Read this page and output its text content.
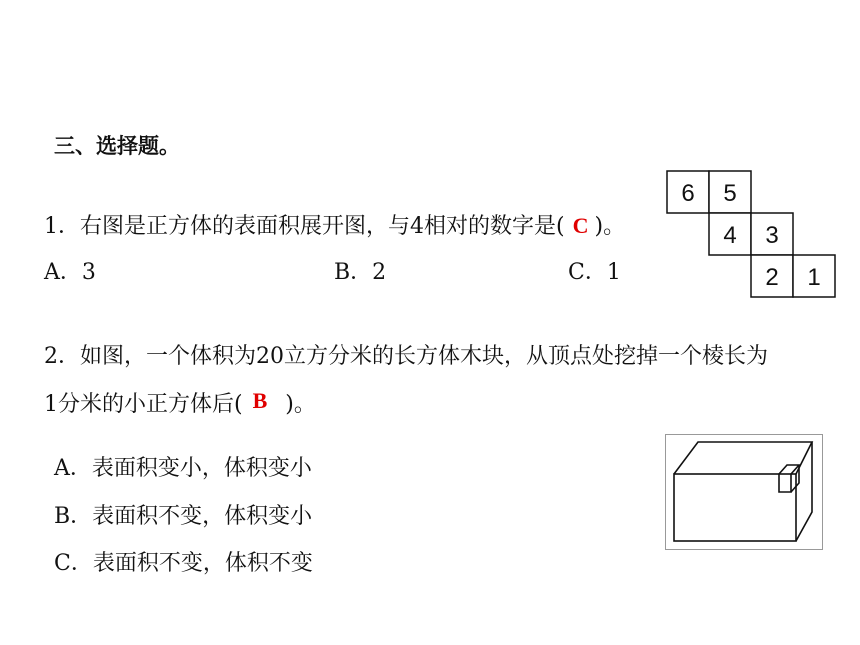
三、选择题。
1．右图是正方体的表面积展开图，与4相对的数字是( C )。
A．3	B．2	C．1
6 5
4 3
2 1
2．如图，一个体积为20立方分米的长方体木块，从顶点处挖掉一个棱长为
1分米的小正方体后( B )。
A．表面积变小，体积变小
B．表面积不变，体积变小
C．表面积不变，体积不变
